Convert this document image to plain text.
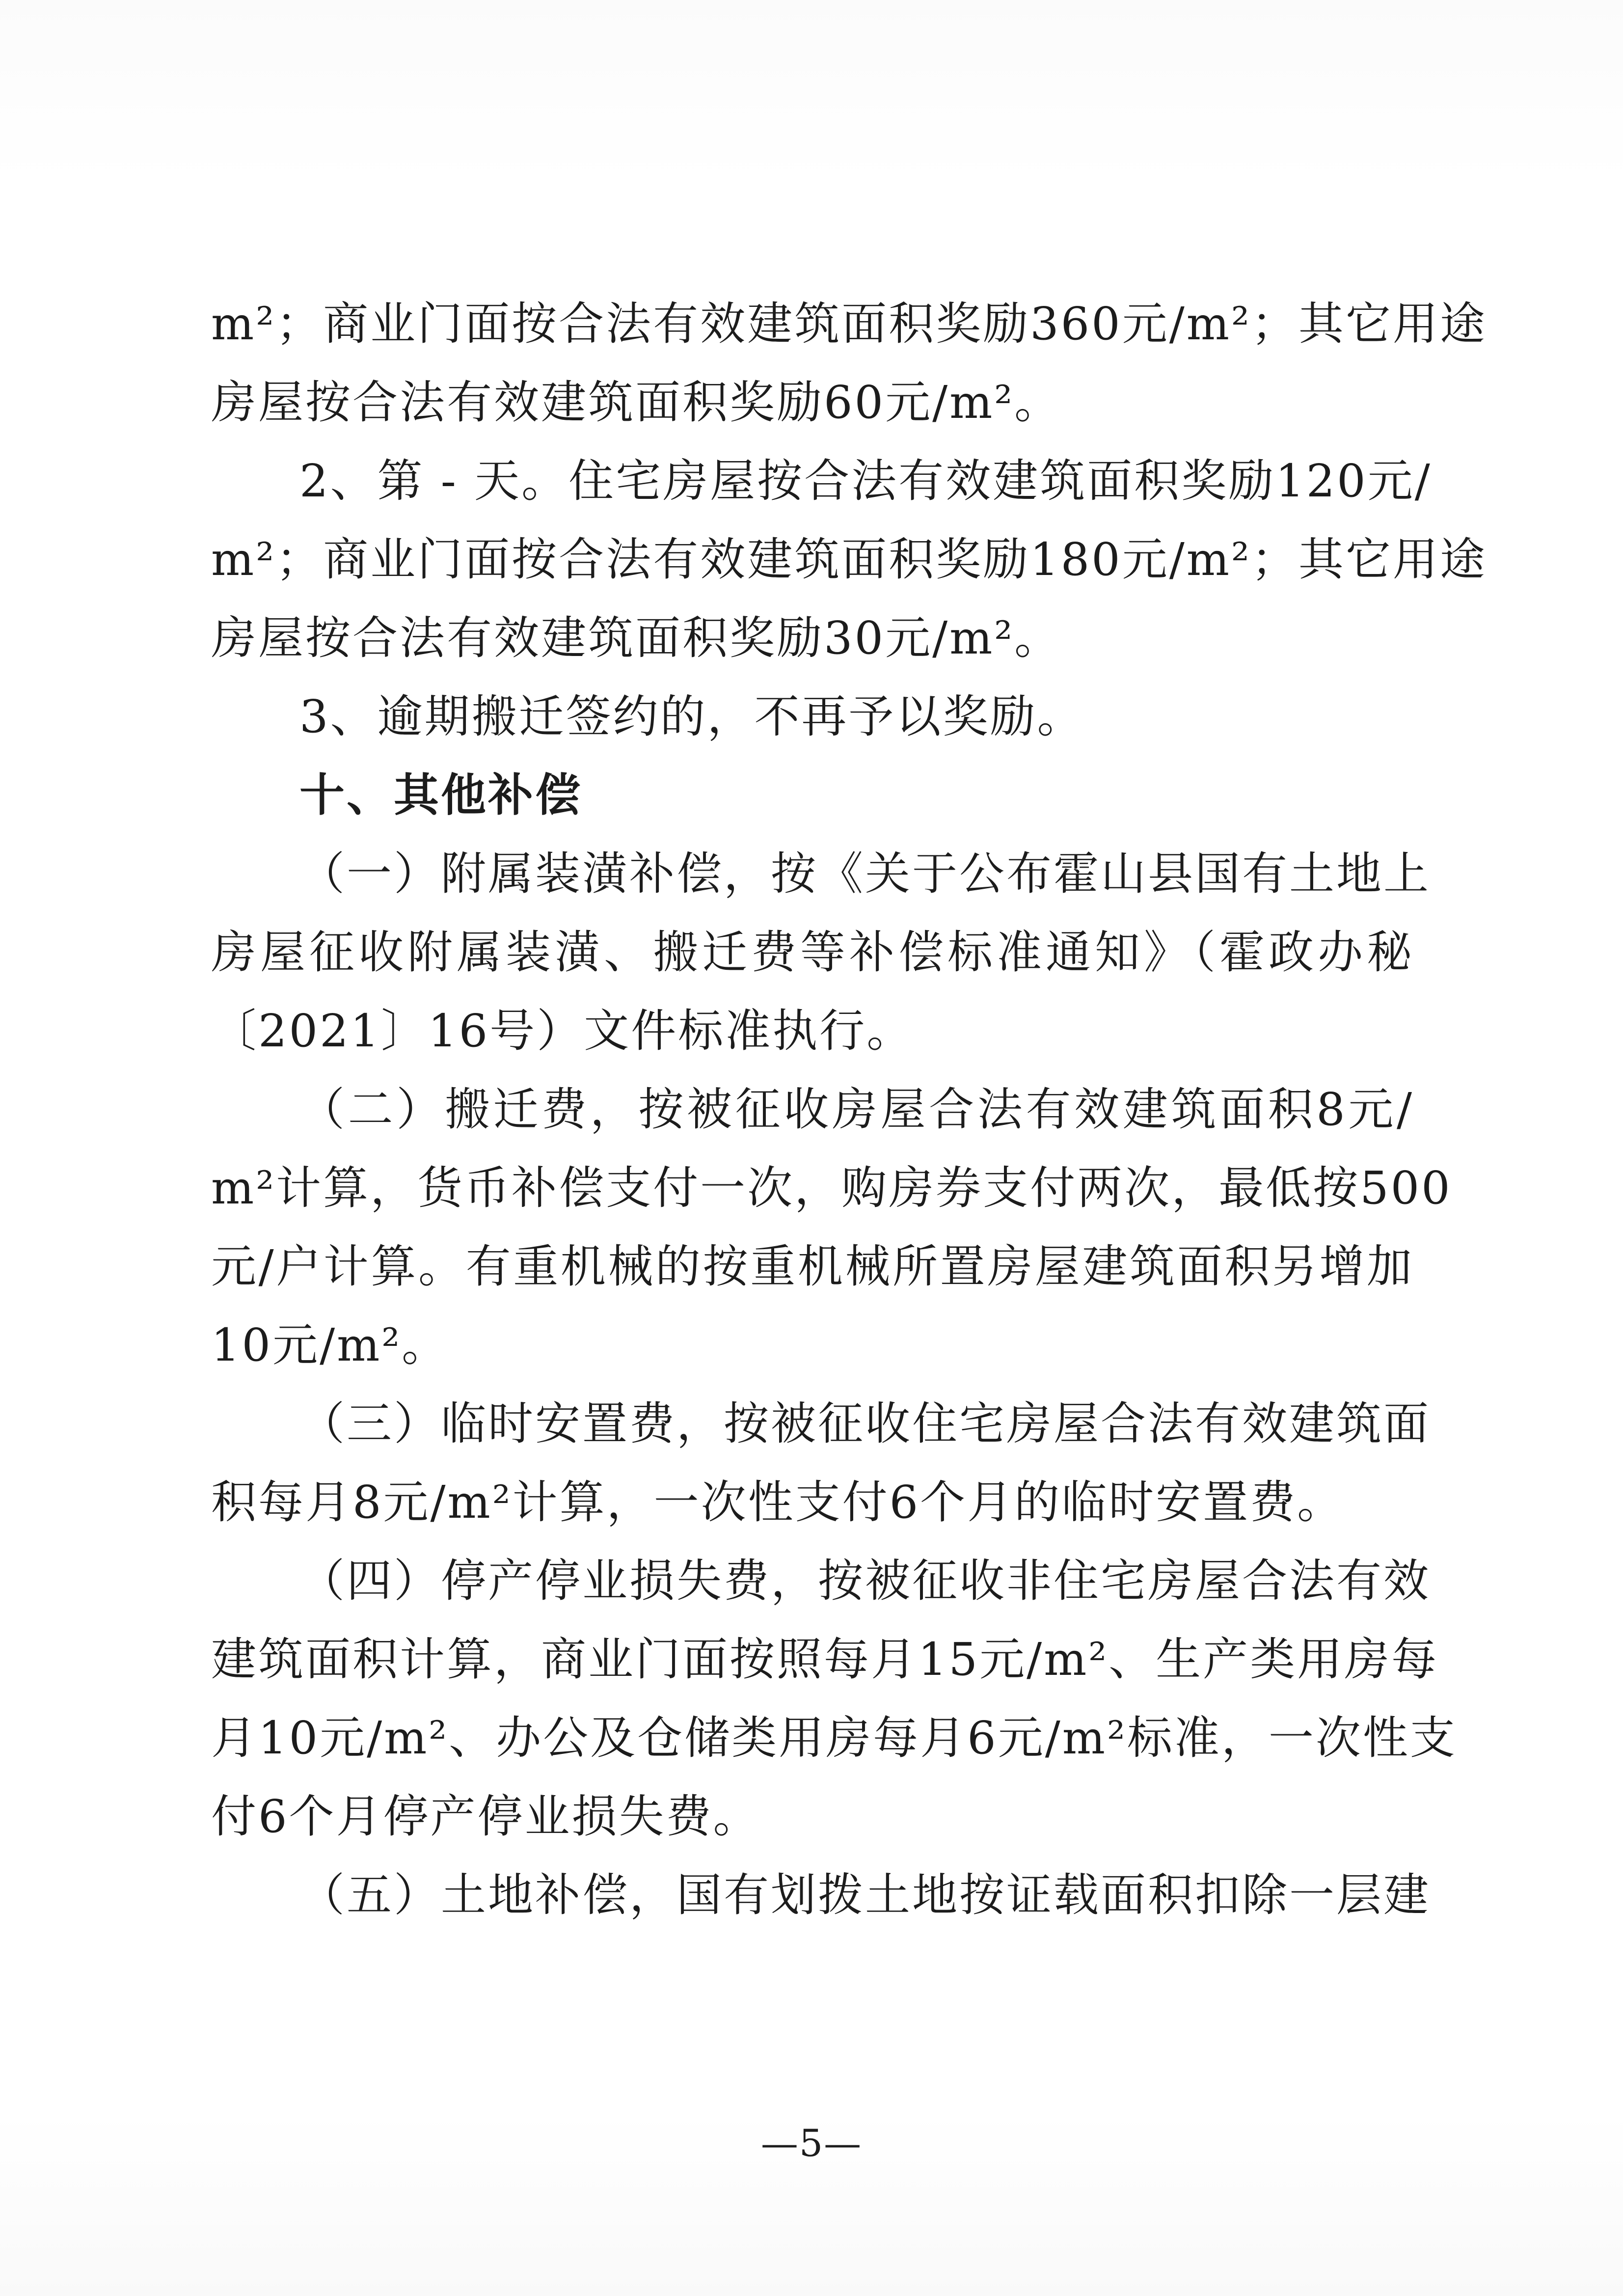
m²；商业门面按合法有效建筑面积奖励360元/m²；其它用途
房屋按合法有效建筑面积奖励60元/m²。
2、第 - 天。住宅房屋按合法有效建筑面积奖励120元/
m²；商业门面按合法有效建筑面积奖励180元/m²；其它用途
房屋按合法有效建筑面积奖励30元/m²。
3、逾期搬迁签约的，不再予以奖励。
十、其他补偿
（一）附属装潢补偿，按《关于公布霍山县国有土地上
房屋征收附属装潢、搬迁费等补偿标准通知》（霍政办秘
〔2021〕16号）文件标准执行。
（二）搬迁费，按被征收房屋合法有效建筑面积8元/
m²计算，货币补偿支付一次，购房券支付两次，最低按500
元/户计算。有重机械的按重机械所置房屋建筑面积另增加
10元/m²。
（三）临时安置费，按被征收住宅房屋合法有效建筑面
积每月8元/m²计算，一次性支付6个月的临时安置费。
（四）停产停业损失费，按被征收非住宅房屋合法有效
建筑面积计算，商业门面按照每月15元/m²、生产类用房每
月10元/m²、办公及仓储类用房每月6元/m²标准，一次性支
付6个月停产停业损失费。
（五）土地补偿，国有划拨土地按证载面积扣除一层建
—5—
